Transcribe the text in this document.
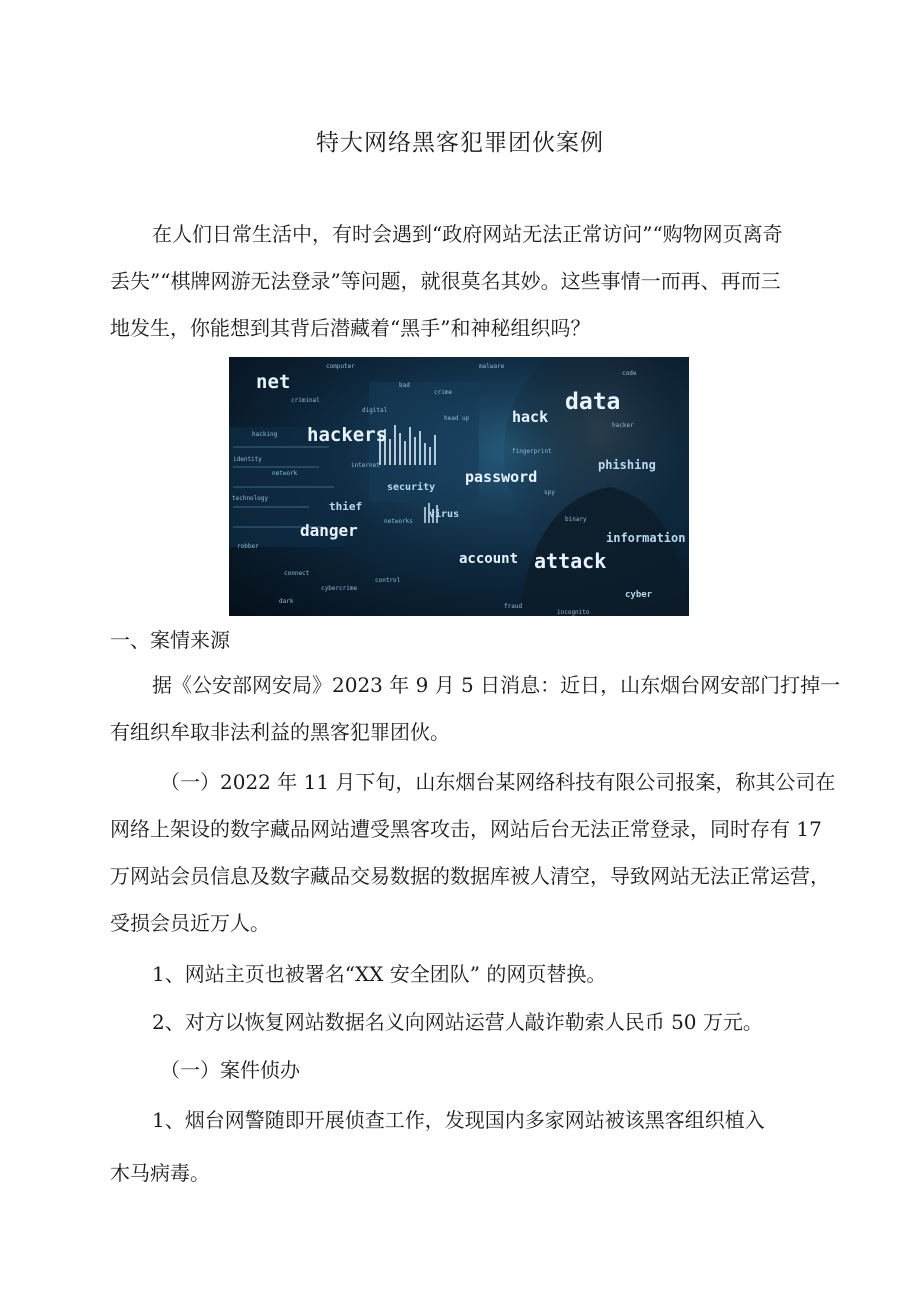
特大网络黑客犯罪团伙案例
在人们日常生活中，有时会遇到“政府网站无法正常访问”“购物网页离奇
丢失”“棋牌网游无法登录”等问题，就很莫名其妙。这些事情一而再、再而三
地发生，你能想到其背后潜藏着“黑手”和神秘组织吗？
net
hackers
data
hack
password
danger
account attack
phishing
information
security
thief
cyber
virus
computer
criminal
bad
crime
head up
fingerprint
digital
identity
spy
binary
network
internet
technology
robber
connect
control
dark
fraud
incognito
hacker
code
hacking
networks
malware
cybercrime
一、案情来源
据《公安部网安局》2023 年 9 月 5 日消息：近日，山东烟台网安部门打掉一
有组织牟取非法利益的黑客犯罪团伙。
（一）2022 年 11 月下旬，山东烟台某网络科技有限公司报案，称其公司在
网络上架设的数字藏品网站遭受黑客攻击，网站后台无法正常登录，同时存有 17
万网站会员信息及数字藏品交易数据的数据库被人清空，导致网站无法正常运营，
受损会员近万人。
1、网站主页也被署名“XX 安全团队” 的网页替换。
2、对方以恢复网站数据名义向网站运营人敲诈勒索人民币 50 万元。
（一）案件侦办
1、烟台网警随即开展侦查工作，发现国内多家网站被该黑客组织植入
木马病毒。
